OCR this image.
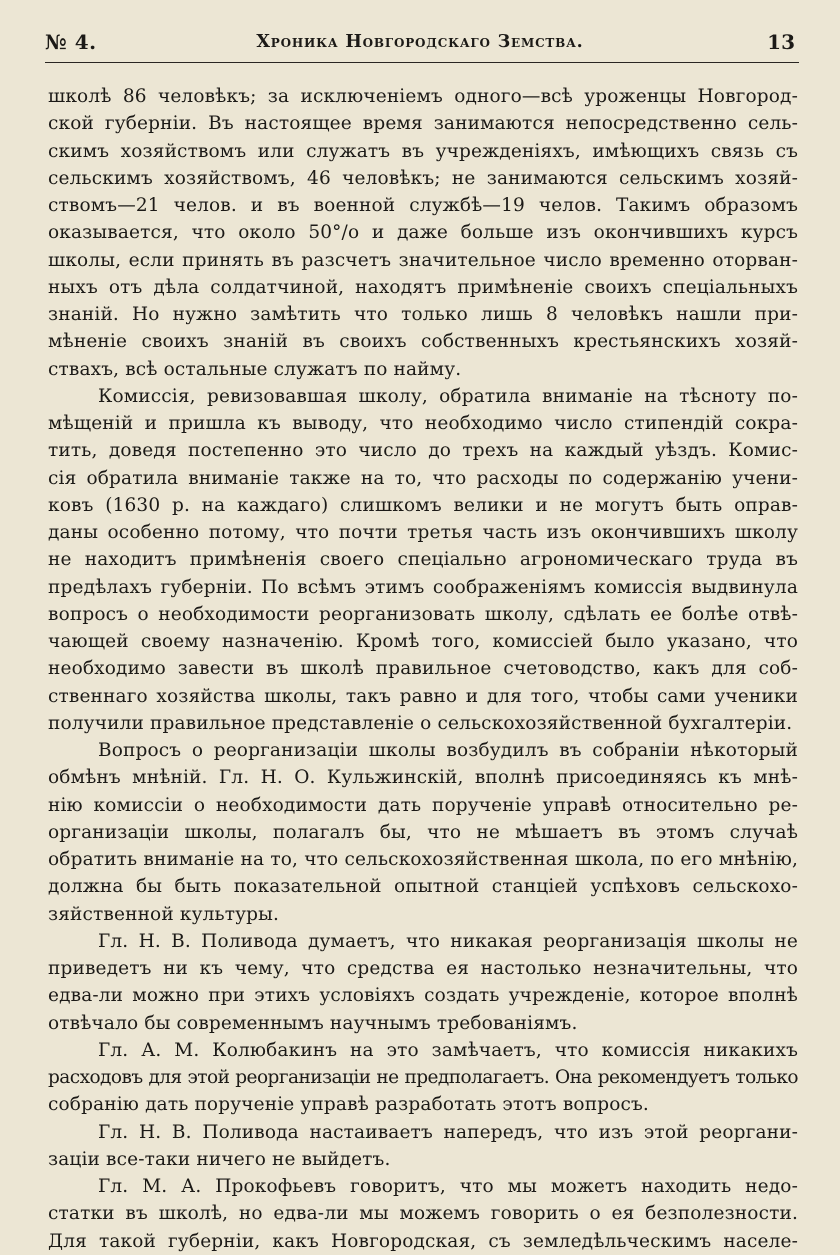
№ 4.	Хроника Новгородскаго Земства.	13
школѣ 86 человѣкъ; за исключеніемъ одного—всѣ уроженцы Новгород-
ской губерніи. Въ настоящее время занимаются непосредственно сель-
скимъ хозяйствомъ или служатъ въ учрежденіяхъ, имѣющихъ связь съ
сельскимъ хозяйствомъ, 46 человѣкъ; не занимаются сельскимъ хозяй-
ствомъ—21 челов. и въ военной службѣ—19 челов. Такимъ образомъ
оказывается, что около 50°/о и даже больше изъ окончившихъ курсъ
школы, если принять въ разсчетъ значительное число временно оторван-
ныхъ отъ дѣла солдатчиной, находятъ примѣненіе своихъ спеціальныхъ
знаній. Но нужно замѣтить что только лишь 8 человѣкъ нашли при-
мѣненіе своихъ знаній въ своихъ собственныхъ крестьянскихъ хозяй-
ствахъ, всѣ остальные служатъ по найму.
Комиссія, ревизовавшая школу, обратила вниманіе на тѣсноту по-
мѣщеній и пришла къ выводу, что необходимо число стипендій сокра-
тить, доведя постепенно это число до трехъ на каждый уѣздъ. Комис-
сія обратила вниманіе также на то, что расходы по содержанію учени-
ковъ (1630 р. на каждаго) слишкомъ велики и не могутъ быть оправ-
даны особенно потому, что почти третья часть изъ окончившихъ школу
не находитъ примѣненія своего спеціально агрономическаго труда въ
предѣлахъ губерніи. По всѣмъ этимъ соображеніямъ комиссія выдвинула
вопросъ о необходимости реорганизовать школу, сдѣлать ее болѣе отвѣ-
чающей своему назначенію. Кромѣ того, комиссіей было указано, что
необходимо завести въ школѣ правильное счетоводство, какъ для соб-
ственнаго хозяйства школы, такъ равно и для того, чтобы сами ученики
получили правильное представленіе о сельскохозяйственной бухгалтеріи.
Вопросъ о реорганизаціи школы возбудилъ въ собраніи нѣкоторый
обмѣнъ мнѣній. Гл. Н. О. Кульжинскій, вполнѣ присоединяясь къ мнѣ-
нію комиссіи о необходимости дать порученіе управѣ относительно ре-
организаціи школы, полагалъ бы, что не мѣшаетъ въ этомъ случаѣ
обратить вниманіе на то, что сельскохозяйственная школа, по его мнѣнію,
должна бы быть показательной опытной станціей успѣховъ сельскохо-
зяйственной культуры.
Гл. Н. В. Поливода думаетъ, что никакая реорганизація школы не
приведетъ ни къ чему, что средства ея настолько незначительны, что
едва-ли можно при этихъ условіяхъ создать учрежденіе, которое вполнѣ
отвѣчало бы современнымъ научнымъ требованіямъ.
Гл. А. М. Колюбакинъ на это замѣчаетъ, что комиссія никакихъ
расходовъ для этой реорганизаціи не предполагаетъ. Она рекомендуетъ только
собранію дать порученіе управѣ разработать этотъ вопросъ.
Гл. Н. В. Поливода настаиваетъ напередъ, что изъ этой реоргани-
заціи все-таки ничего не выйдетъ.
Гл. М. А. Прокофьевъ говоритъ, что мы можетъ находить недо-
статки въ школѣ, но едва-ли мы можемъ говорить о ея безполезности.
Для такой губерніи, какъ Новгородская, съ земледѣльческимъ населе-
